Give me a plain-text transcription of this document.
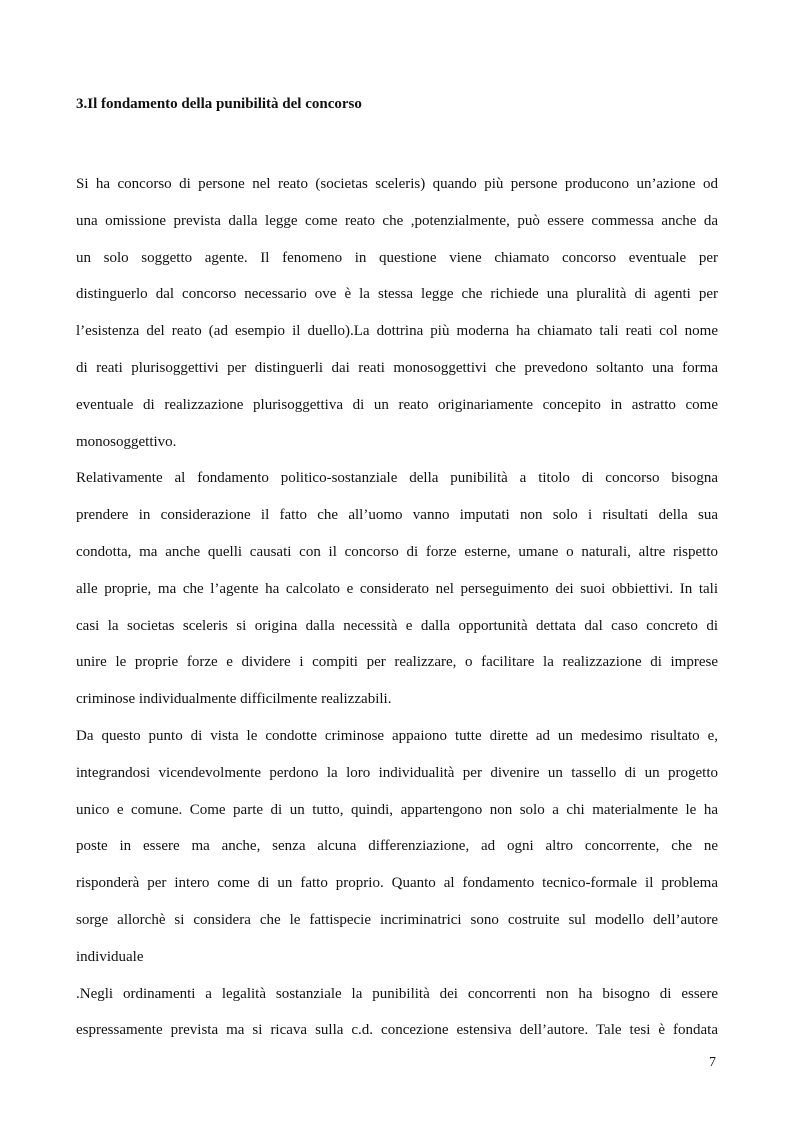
3.Il fondamento della punibilità del concorso
Si ha concorso di persone nel reato (societas sceleris) quando più persone producono un’azione od
una omissione prevista dalla legge come reato che ,potenzialmente, può essere commessa anche da
un solo soggetto agente. Il fenomeno in questione viene chiamato concorso eventuale per
distinguerlo dal concorso necessario ove è la stessa legge che richiede una pluralità di agenti per
l’esistenza del reato (ad esempio il duello).La dottrina più moderna ha chiamato tali reati col nome
di reati plurisoggettivi per distinguerli dai reati monosoggettivi che prevedono soltanto una forma
eventuale di realizzazione plurisoggettiva di un reato originariamente concepito in astratto come
monosoggettivo.
Relativamente al fondamento politico-sostanziale della punibilità a titolo di concorso bisogna
prendere in considerazione il fatto che all’uomo vanno imputati non solo i risultati della sua
condotta, ma anche quelli causati con il concorso di forze esterne, umane o naturali, altre rispetto
alle proprie, ma che l’agente ha calcolato e considerato nel perseguimento dei suoi obbiettivi. In tali
casi la societas sceleris si origina dalla necessità e dalla opportunità dettata dal caso concreto di
unire le proprie forze e dividere i compiti per realizzare, o facilitare la realizzazione di imprese
criminose individualmente difficilmente realizzabili.
Da questo punto di vista le condotte criminose appaiono tutte dirette ad un medesimo risultato e,
integrandosi vicendevolmente perdono la loro individualità per divenire un tassello di un progetto
unico e comune. Come parte di un tutto, quindi, appartengono non solo a chi materialmente le ha
poste in essere ma anche, senza alcuna differenziazione, ad ogni altro concorrente, che ne
risponderà per intero come di un fatto proprio. Quanto al fondamento tecnico-formale il problema
sorge allorchè si considera che le fattispecie incriminatrici sono costruite sul modello dell’autore
individuale
.Negli ordinamenti a legalità sostanziale la punibilità dei concorrenti non ha bisogno di essere
espressamente prevista ma si ricava sulla c.d. concezione estensiva dell’autore. Tale tesi è fondata
7
